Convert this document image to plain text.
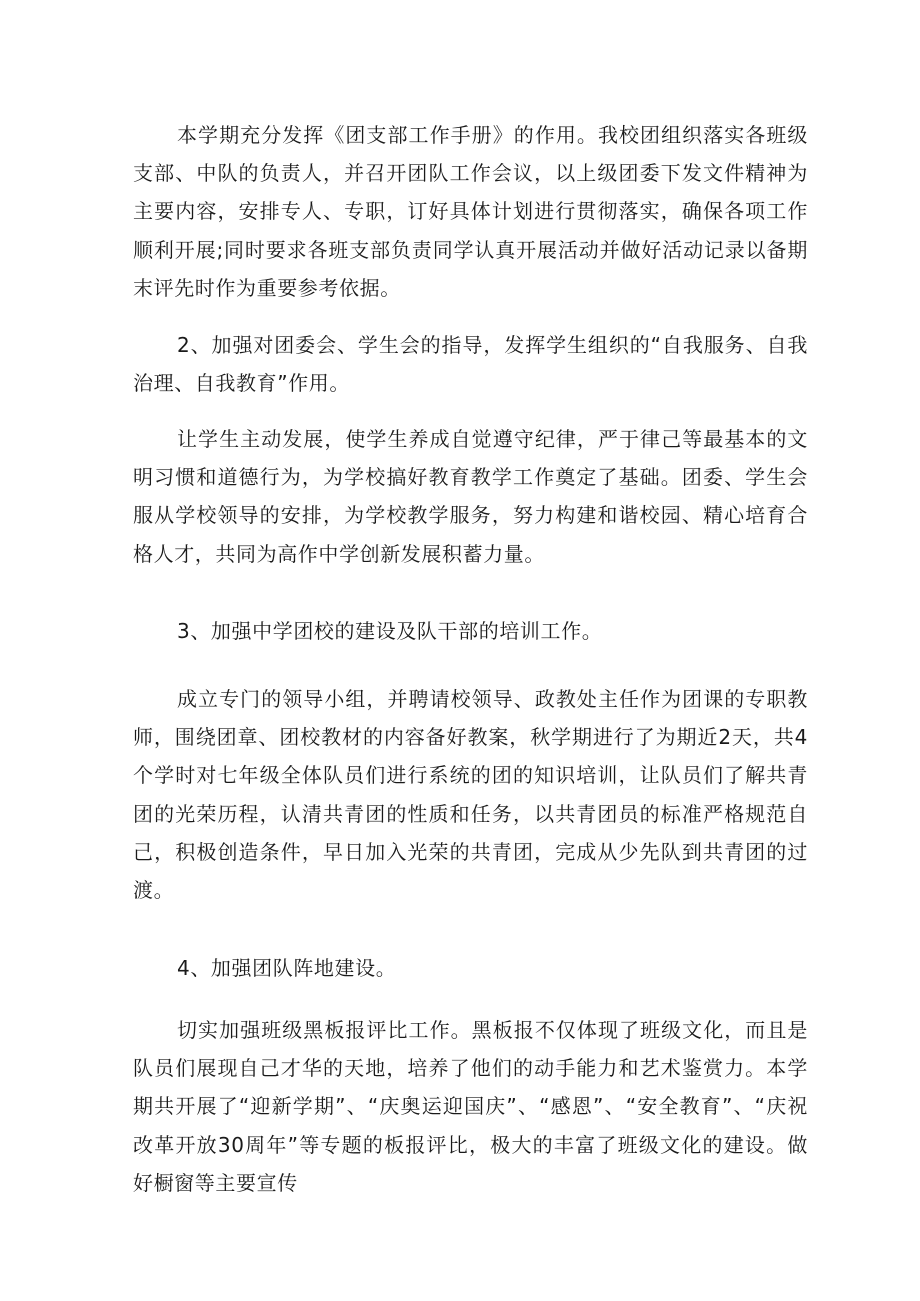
本学期充分发挥《团支部工作手册》的作用。我校团组织落实各班级支部、中队的负责人，并召开团队工作会议，以上级团委下发文件精神为主要内容，安排专人、专职，订好具体计划进行贯彻落实，确保各项工作顺利开展;同时要求各班支部负责同学认真开展活动并做好活动记录以备期末评先时作为重要参考依据。

2、加强对团委会、学生会的指导，发挥学生组织的“自我服务、自我治理、自我教育”作用。

让学生主动发展，使学生养成自觉遵守纪律，严于律己等最基本的文明习惯和道德行为，为学校搞好教育教学工作奠定了基础。团委、学生会服从学校领导的安排，为学校教学服务，努力构建和谐校园、精心培育合格人才，共同为高作中学创新发展积蓄力量。

3、加强中学团校的建设及队干部的培训工作。

成立专门的领导小组，并聘请校领导、政教处主任作为团课的专职教师，围绕团章、团校教材的内容备好教案，秋学期进行了为期近2天，共4个学时对七年级全体队员们进行系统的团的知识培训，让队员们了解共青团的光荣历程，认清共青团的性质和任务，以共青团员的标准严格规范自己，积极创造条件，早日加入光荣的共青团，完成从少先队到共青团的过渡。

4、加强团队阵地建设。

切实加强班级黑板报评比工作。黑板报不仅体现了班级文化，而且是队员们展现自己才华的天地，培养了他们的动手能力和艺术鉴赏力。本学期共开展了“迎新学期”、“庆奥运迎国庆”、“感恩”、“安全教育”、“庆祝改革开放30周年”等专题的板报评比，极大的丰富了班级文化的建设。做好橱窗等主要宣传
